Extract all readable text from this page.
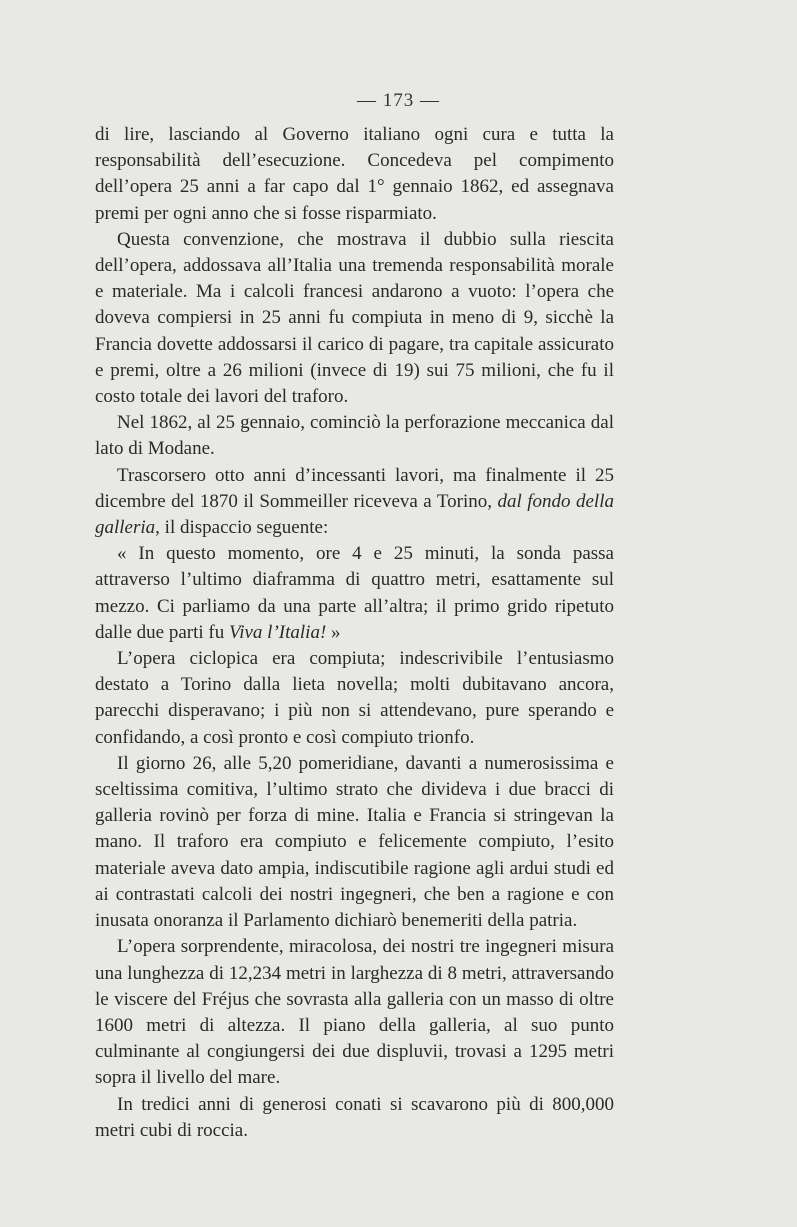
— 173 —

di lire, lasciando al Governo italiano ogni cura e tutta la responsabilità dell’esecuzione. Concedeva pel compimento dell’opera 25 anni a far capo dal 1° gennaio 1862, ed assegnava premi per ogni anno che si fosse risparmiato.

Questa convenzione, che mostrava il dubbio sulla riescita dell’opera, addossava all’Italia una tremenda responsabilità morale e materiale. Ma i calcoli francesi andarono a vuoto: l’opera che doveva compiersi in 25 anni fu compiuta in meno di 9, sicchè la Francia dovette addossarsi il carico di pagare, tra capitale assicurato e premi, oltre a 26 milioni (invece di 19) sui 75 milioni, che fu il costo totale dei lavori del traforo.

Nel 1862, al 25 gennaio, cominciò la perforazione meccanica dal lato di Modane.

Trascorsero otto anni d’incessanti lavori, ma finalmente il 25 dicembre del 1870 il Sommeiller riceveva a Torino, dal fondo della galleria, il dispaccio seguente:

« In questo momento, ore 4 e 25 minuti, la sonda passa attraverso l’ultimo diaframma di quattro metri, esattamente sul mezzo. Ci parliamo da una parte all’altra; il primo grido ripetuto dalle due parti fu Viva l’Italia! »

L’opera ciclopica era compiuta; indescrivibile l’entusiasmo destato a Torino dalla lieta novella; molti dubitavano ancora, parecchi disperavano; i più non si attendevano, pure sperando e confidando, a così pronto e così compiuto trionfo.

Il giorno 26, alle 5,20 pomeridiane, davanti a numerosissima e sceltissima comitiva, l’ultimo strato che divideva i due bracci di galleria rovinò per forza di mine. Italia e Francia si stringevan la mano. Il traforo era compiuto e felicemente compiuto, l’esito materiale aveva dato ampia, indiscutibile ragione agli ardui studi ed ai contrastati calcoli dei nostri ingegneri, che ben a ragione e con inusata onoranza il Parlamento dichiarò benemeriti della patria.

L’opera sorprendente, miracolosa, dei nostri tre ingegneri misura una lunghezza di 12,234 metri in larghezza di 8 metri, attraversando le viscere del Fréjus che sovrasta alla galleria con un masso di oltre 1600 metri di altezza. Il piano della galleria, al suo punto culminante al congiungersi dei due displuvii, trovasi a 1295 metri sopra il livello del mare.

In tredici anni di generosi conati si scavarono più di 800,000 metri cubi di roccia.
